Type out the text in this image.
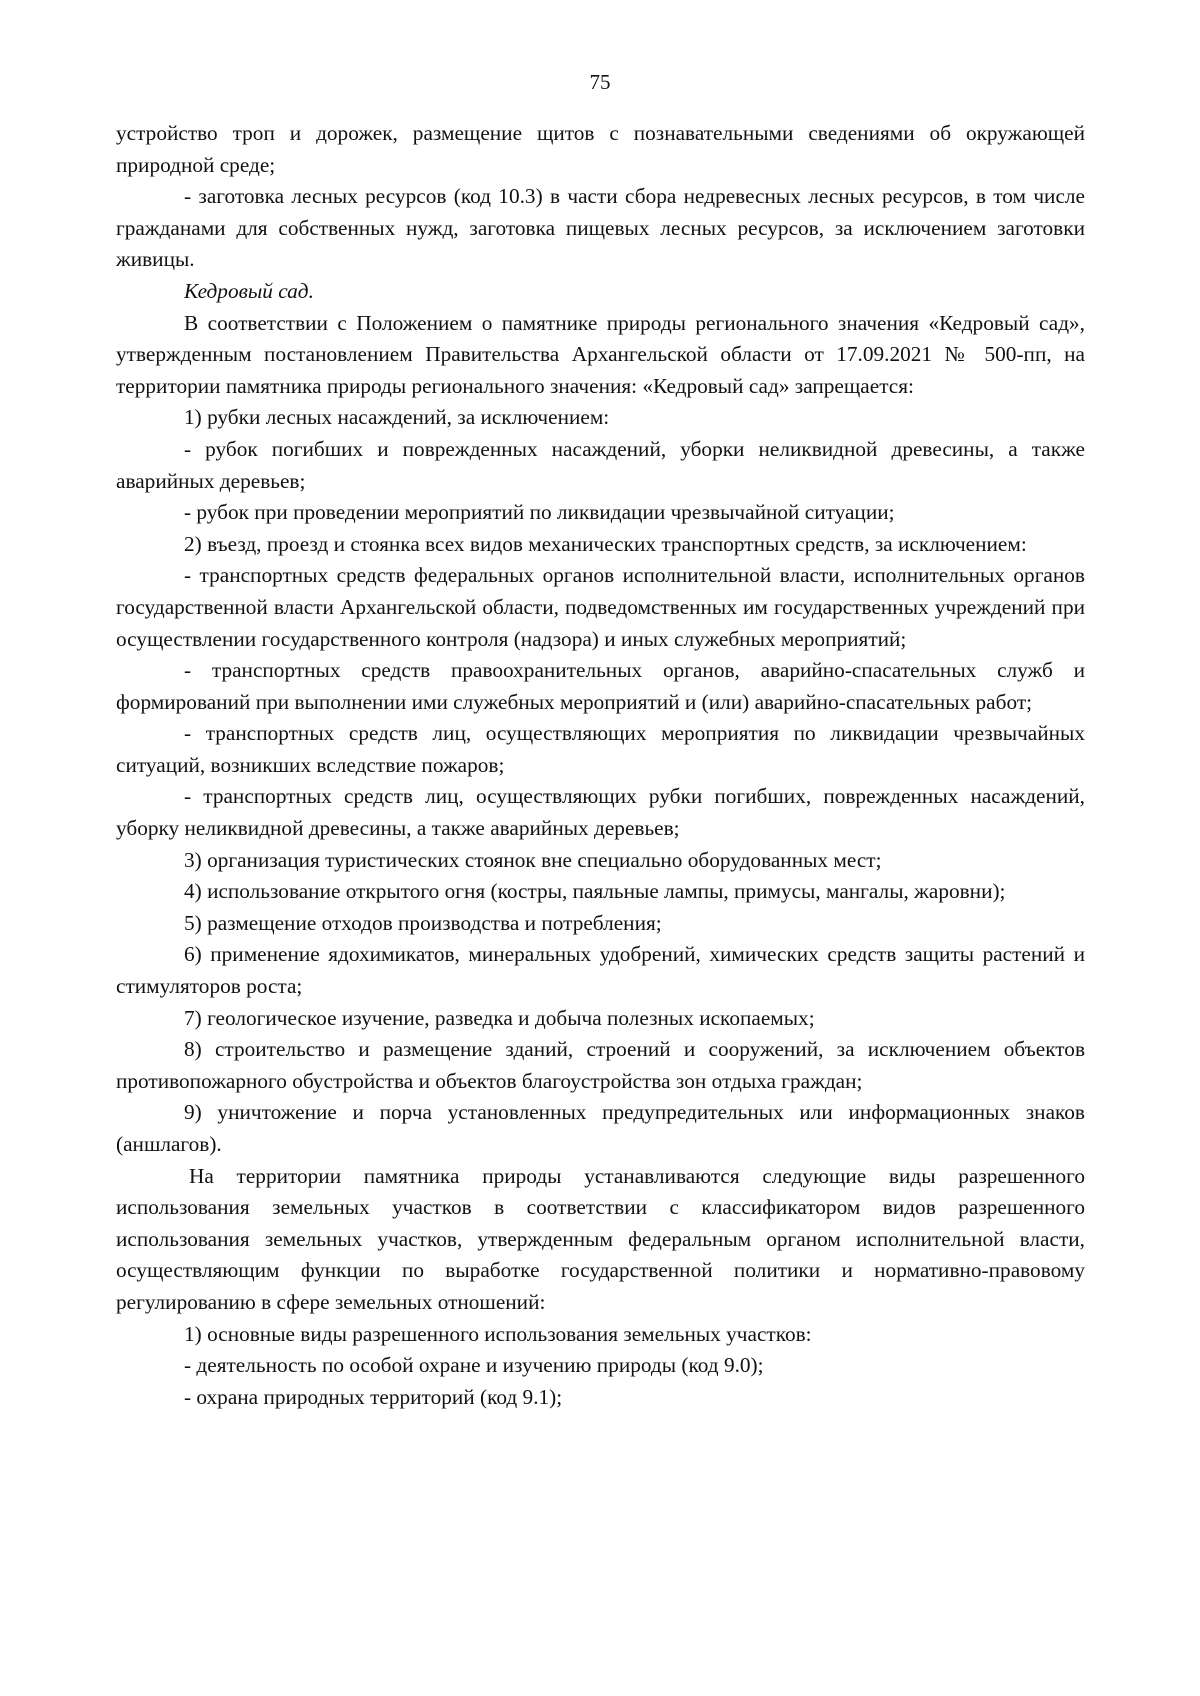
75

устройство троп и дорожек, размещение щитов с познавательными сведениями об окружающей природной среде;

- заготовка лесных ресурсов (код 10.3) в части сбора недревесных лесных ресурсов, в том числе гражданами для собственных нужд, заготовка пищевых лесных ресурсов, за исключением заготовки живицы.

Кедровый сад.

В соответствии с Положением о памятнике природы регионального значения «Кедровый сад», утвержденным постановлением Правительства Архангельской области от 17.09.2021 № 500-пп, на территории памятника природы регионального значения: «Кедровый сад» запрещается:

1) рубки лесных насаждений, за исключением:

- рубок погибших и поврежденных насаждений, уборки неликвидной древесины, а также аварийных деревьев;

- рубок при проведении мероприятий по ликвидации чрезвычайной ситуации;

2) въезд, проезд и стоянка всех видов механических транспортных средств, за исключением:

- транспортных средств федеральных органов исполнительной власти, исполнительных органов государственной власти Архангельской области, подведомственных им государственных учреждений при осуществлении государственного контроля (надзора) и иных служебных мероприятий;

- транспортных средств правоохранительных органов, аварийно-спасательных служб и формирований при выполнении ими служебных мероприятий и (или) аварийно-спасательных работ;

- транспортных средств лиц, осуществляющих мероприятия по ликвидации чрезвычайных ситуаций, возникших вследствие пожаров;

- транспортных средств лиц, осуществляющих рубки погибших, поврежденных насаждений, уборку неликвидной древесины, а также аварийных деревьев;

3) организация туристических стоянок вне специально оборудованных мест;

4) использование открытого огня (костры, паяльные лампы, примусы, мангалы, жаровни);

5) размещение отходов производства и потребления;

6) применение ядохимикатов, минеральных удобрений, химических средств защиты растений и стимуляторов роста;

7) геологическое изучение, разведка и добыча полезных ископаемых;

8) строительство и размещение зданий, строений и сооружений, за исключением объектов противопожарного обустройства и объектов благоустройства зон отдыха граждан;

9) уничтожение и порча установленных предупредительных или информационных знаков (аншлагов).

На территории памятника природы устанавливаются следующие виды разрешенного использования земельных участков в соответствии с классификатором видов разрешенного использования земельных участков, утвержденным федеральным органом исполнительной власти, осуществляющим функции по выработке государственной политики и нормативно-правовому регулированию в сфере земельных отношений:

1) основные виды разрешенного использования земельных участков:

- деятельность по особой охране и изучению природы (код 9.0);

- охрана природных территорий (код 9.1);
